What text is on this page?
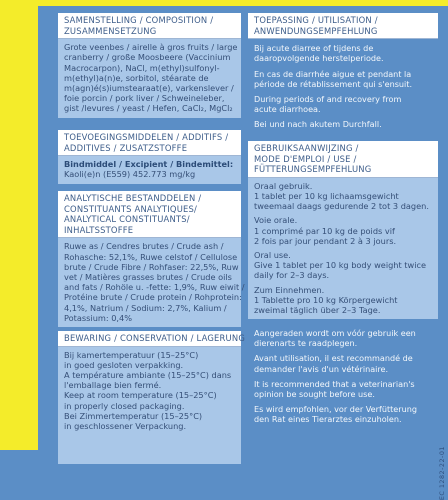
SAMENSTELLING / COMPOSITION /
ZUSAMMENSETZUNG
Grote veenbes / airelle à gros fruits / large
cranberry / große Moosbeere (Vaccinium
Macrocarpon), NaCl, m(ethyl)sulfonyl-
m(ethyl)a(n)e, sorbitol, stéarate de
m(agn)é(s)iumstearaat(e), varkenslever /
foie porcin / pork liver / Schweineleber,
gist /levures / yeast / Hefen, CaCl₂, MgCl₂
TOEVOEGINGSMIDDELEN / ADDITIFS /
ADDITIVES / ZUSATZSTOFFE
Bindmiddel / Excipient / Bindemittel:
Kaoli(e)n (E559) 452.773 mg/kg
ANALYTISCHE BESTANDDELEN /
CONSTITUANTS ANALYTIQUES/
ANALYTICAL CONSTITUANTS/
INHALTSSTOFFE
Ruwe as / Cendres brutes / Crude ash /
Rohasche: 52,1%, Ruwe celstof / Cellulose
brute / Crude Fibre / Rohfaser: 22,5%, Ruw
vet / Matières grasses brutes / Crude oils
and fats / Rohöle u. -fette: 1,9%, Ruw eiwit /
Protéine brute / Crude protein / Rohprotein:
4,1%, Natrium / Sodium: 2,7%, Kalium /
Potassium: 0,4%
BEWARING / CONSERVATION / LAGERUNG
Bij kamertemperatuur (15–25°C)
in goed gesloten verpakking.
A température ambiante (15–25°C) dans
l'emballage bien fermé.
Keep at room temperature (15–25°C)
in properly closed packaging.
Bei Zimmertemperatur (15–25°C)
in geschlossener Verpackung.
TOEPASSING / UTILISATION /
ANWENDUNGSEMPFEHLUNG
Bij acute diarree of tijdens de
daaropvolgende herstelperiode.
En cas de diarrhée aigue et pendant la
période de rétablissement qui s'ensuit.
During periods of and recovery from
acute diarrhoea.
Bei und nach akutem Durchfall.
GEBRUIKSAANWIJZING /
MODE D'EMPLOI / USE /
FÜTTERUNGSEMPFEHLUNG
Oraal gebruik.
1 tablet per 10 kg lichaamsgewicht
tweemaal daags gedurende 2 tot 3 dagen.
Voie orale.
1 comprimé par 10 kg de poids vif
2 fois par jour pendant 2 à 3 jours.
Oral use.
Give 1 tablet per 10 kg body weight twice
daily for 2–3 days.
Zum Einnehmen.
1 Tablette pro 10 kg Körpergewicht
zweimal täglich über 2–3 Tage.
Aangeraden wordt om vóór gebruik een
dierenarts te raadplegen.
Avant utilisation, il est recommandé de
demander l'avis d'un vétérinaire.
It is recommended that a veterinarian's
opinion be sought before use.
Es wird empfohlen, vor der Verfütterung
den Rat eines Tierarztes einzuholen.
EC 1282-22-01
